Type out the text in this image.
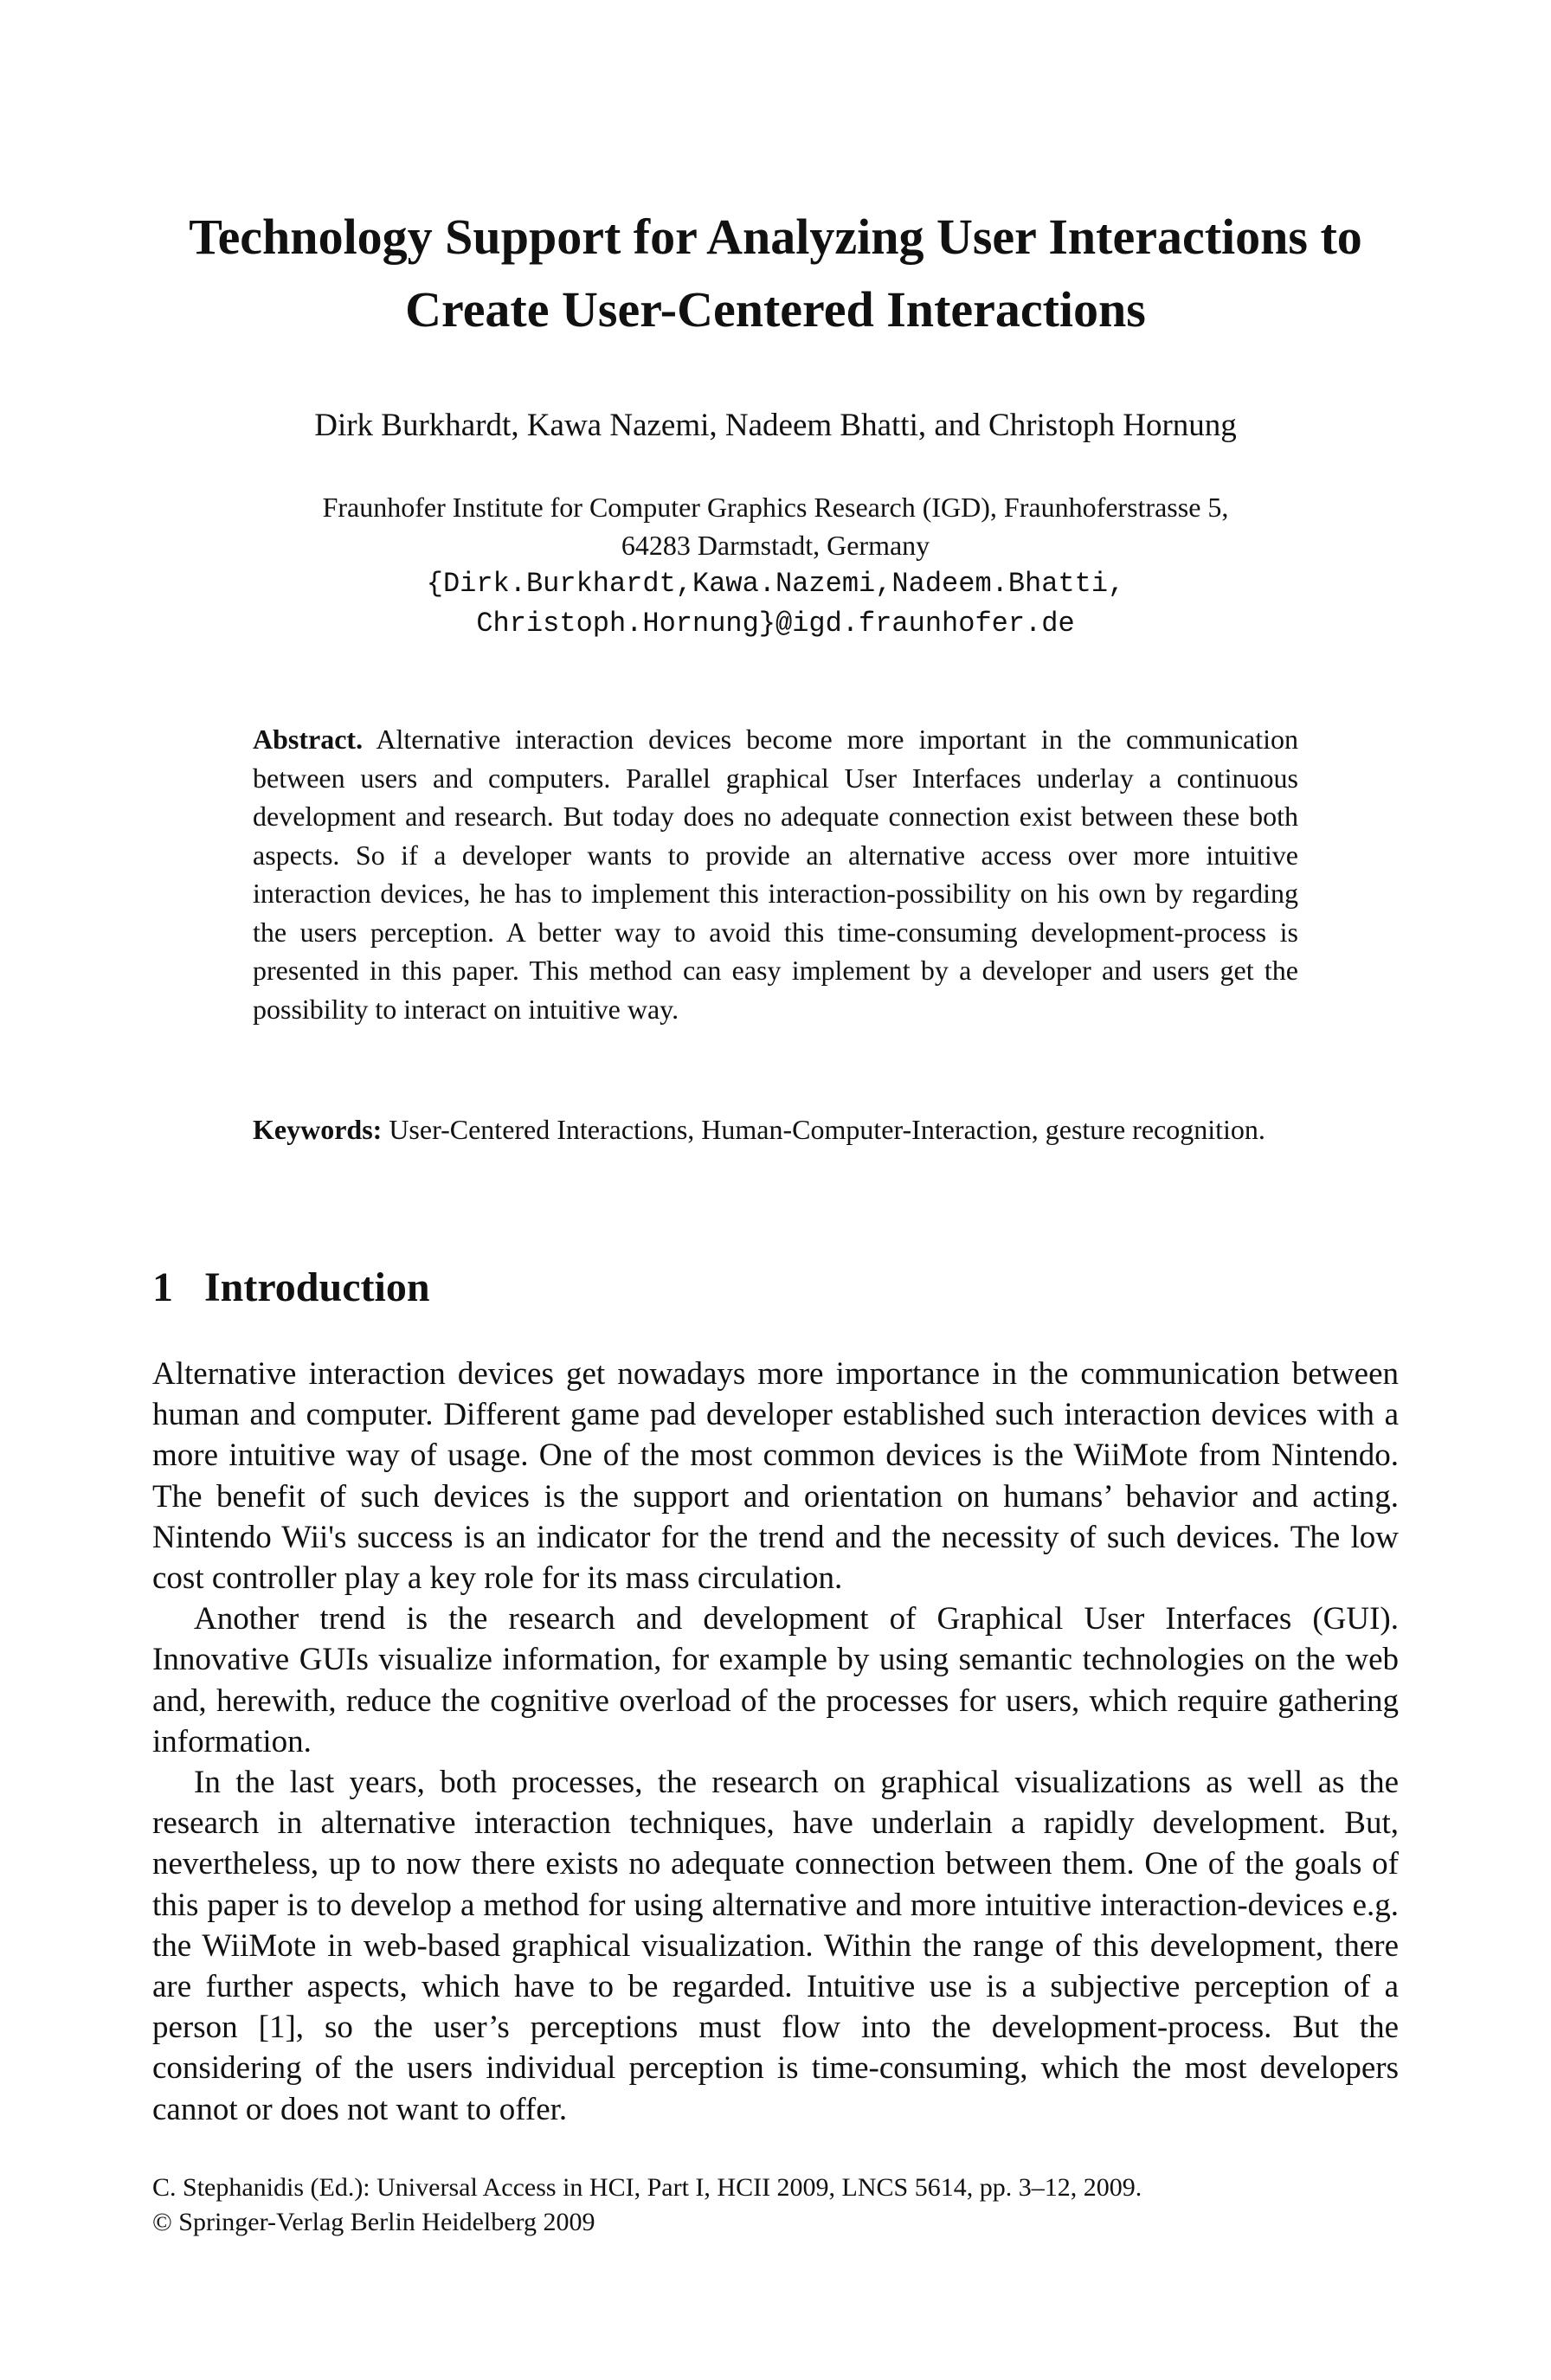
Technology Support for Analyzing User Interactions to
Create User-Centered Interactions

Dirk Burkhardt, Kawa Nazemi, Nadeem Bhatti, and Christoph Hornung

Fraunhofer Institute for Computer Graphics Research (IGD), Fraunhoferstrasse 5,
64283 Darmstadt, Germany

{Dirk.Burkhardt,Kawa.Nazemi,Nadeem.Bhatti,
Christoph.Hornung}@igd.fraunhofer.de

Abstract. Alternative interaction devices become more important in the communication between users and computers. Parallel graphical User Interfaces underlay a continuous development and research. But today does no adequate connection exist between these both aspects. So if a developer wants to provide an alternative access over more intuitive interaction devices, he has to implement this interaction-possibility on his own by regarding the users perception. A better way to avoid this time-consuming development-process is presented in this paper. This method can easy implement by a developer and users get the possibility to interact on intuitive way.

Keywords: User-Centered Interactions, Human-Computer-Interaction, gesture recognition.

1 Introduction

Alternative interaction devices get nowadays more importance in the communication between human and computer. Different game pad developer established such interaction devices with a more intuitive way of usage. One of the most common devices is the WiiMote from Nintendo. The benefit of such devices is the support and orientation on humans’ behavior and acting. Nintendo Wii's success is an indicator for the trend and the necessity of such devices. The low cost controller play a key role for its mass circulation.

Another trend is the research and development of Graphical User Interfaces (GUI). Innovative GUIs visualize information, for example by using semantic technologies on the web and, herewith, reduce the cognitive overload of the processes for users, which require gathering information.

In the last years, both processes, the research on graphical visualizations as well as the research in alternative interaction techniques, have underlain a rapidly development. But, nevertheless, up to now there exists no adequate connection between them. One of the goals of this paper is to develop a method for using alternative and more intuitive interaction-devices e.g. the WiiMote in web-based graphical visualization. Within the range of this development, there are further aspects, which have to be regarded. Intuitive use is a subjective perception of a person [1], so the user’s perceptions must flow into the development-process. But the considering of the users individual perception is time-consuming, which the most developers cannot or does not want to offer.

C. Stephanidis (Ed.): Universal Access in HCI, Part I, HCII 2009, LNCS 5614, pp. 3–12, 2009.
© Springer-Verlag Berlin Heidelberg 2009
